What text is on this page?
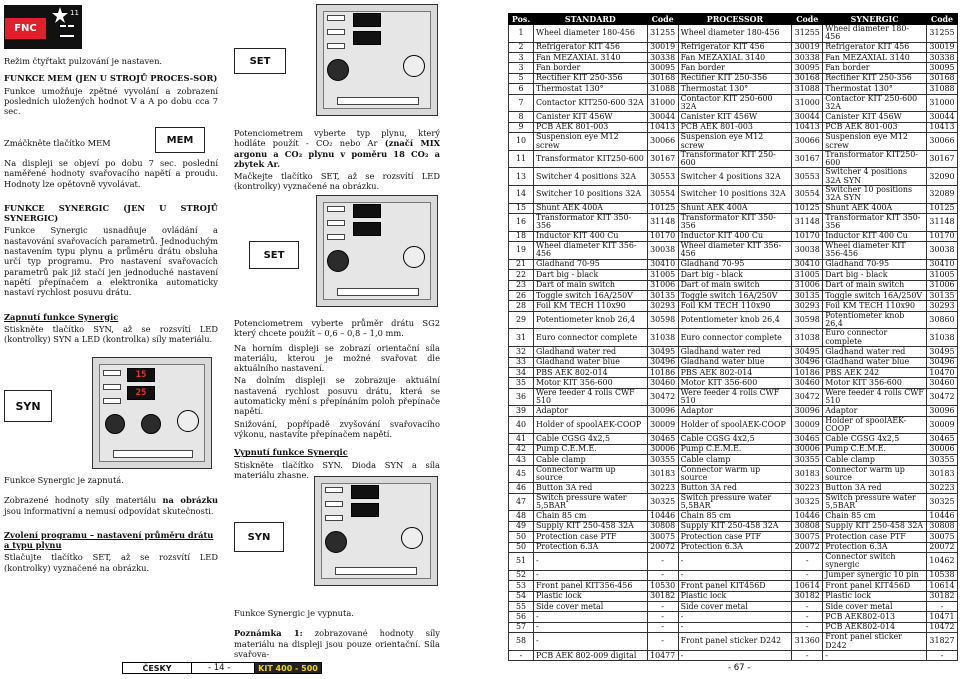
FNC
11

Režim čtyřtakt pulzování je nastaven.

FUNKCE MEM (JEN U STROJŮ PROCES-SOR)

Funkce umožňuje zpětné vyvolání a zobrazení posledních uložených hodnot V a A po dobu cca 7 sec.

Zmáčkněte tlačítko MEM	MEM

Na displeji se objeví po dobu 7 sec. poslední naměřené hodnoty svařovacího napětí a proudu. Hodnoty lze opětovně vyvolávat.

FUNKCE SYNERGIC (JEN U STROJŮ SYNERGIC)

Funkce Synergic usnadňuje ovládání a nastavování svařovacích parametrů. Jednoduchým nastavením typu plynu a průměru drátu obsluha určí typ programu. Pro nastavení svařovacích parametrů pak již stačí jen jednoduché nastavení napětí přepínačem a elektronika automaticky nastaví rychlost posuvu drátu.

Zapnutí funkce Synergic

Stiskněte tlačítko SYN, až se rozsvítí LED (kontrolky) SYN a LED (kontrolka) síly materiálu.

SYN
15
25

Funkce Synergic je zapnutá.

Zobrazené hodnoty síly materiálu na obrázku jsou informativní a nemusí odpovídat skutečnosti.

Zvolení programu – nastavení průměru drátu a typu plynu

Stlačujte tlačítko SET, až se rozsvítí LED (kontrolky) vyznačené na obrázku.

SET

Potenciometrem vyberte typ plynu, který hodláte použít - CO₂ nebo Ar (značí MIX argonu a CO₂ plynu v poměru 18 CO₂ a zbytek Ar.

Mačkejte tlačítko SET, až se rozsvítí LED (kontrolky) vyznačené na obrázku.

SET

Potenciometrem vyberte průměr drátu SG2 který chcete použít – 0,6 – 0,8 – 1,0 mm.

Na horním displeji se zobrazí orientační síla materiálu, kterou je možné svařovat dle aktuálního nastavení.

Na dolním displeji se zobrazuje aktuální nastavená rychlost posuvu drátu, která se automaticky mění s přepínáním poloh přepínače napětí.

Snižování, popřípadě zvyšování svařovacího výkonu, nastavíte přepínačem napětí.

Vypnutí funkce Synergic

Stiskněte tlačítko SYN. Dioda SYN a síla materiálu zhasne.

SYN

Funkce Synergic je vypnuta.

Poznámka 1: zobrazované hodnoty síly materiálu na displeji jsou pouze orientační. Síla svařova-

ČESKY	- 14 -	KIT 400 - 500
Pos.	STANDARD	Code	PROCESSOR	Code	SYNERGIC	Code
1	Wheel diameter 180-456	31255	Wheel diameter 180-456	31255	Wheel diameter 180-456	31255
2	Refrigerator KIT 456	30019	Refrigerator KIT 456	30019	Refrigerator KIT 456	30019
3	Fan MEZAXIAL 3140	30338	Fan MEZAXIAL 3140	30338	Fan MEZAXIAL 3140	30338
3	Fan border	30095	Fan border	30095	Fan border	30095
5	Rectifier KIT 250-356	30168	Rectifier KIT 250-356	30168	Rectifier KIT 250-356	30168
6	Thermostat 130°	31088	Thermostat 130°	31088	Thermostat 130°	31088
7	Contactor KIT250-600 32A	31000	Contactor KIT 250-600 32A	31000	Contactor KIT 250-600 32A	31000
8	Canister KIT 456W	30044	Canister KIT 456W	30044	Canister KIT 456W	30044
9	PCB AEK 801-003	10413	PCB AEK 801-003	10413	PCB AEK 801-003	10413
10	Suspension eye M12 screw	30066	Suspension eye M12 screw	30066	Suspension eye M12 screw	30066
11	Transformator KIT250-600	30167	Transformator KIT 250-600	30167	Transformator KIT250-600	30167
13	Switcher 4 positions 32A	30553	Switcher 4 positions 32A	30553	Switcher 4 positions 32A SYN	32090
14	Switcher 10 positions 32A	30554	Switcher 10 positions 32A	30554	Switcher 10 positions 32A SYN	32089
15	Shunt AEK 400A	10125	Shunt AEK 400A	10125	Shunt AEK 400A	10125
16	Transformator KIT 350-356	31148	Transformator KIT 350-356	31148	Transformator KIT 350-356	31148
18	Inductor KIT 400 Cu	10170	Inductor KIT 400 Cu	10170	Inductor KIT 400 Cu	10170
19	Wheel diameter KIT 356-456	30038	Wheel diameter KIT 356-456	30038	Wheel diameter KIT 356-456	30038
21	Gladhand 70-95	30410	Gladhand 70-95	30410	Gladhand 70-95	30410
22	Dart big - black	31005	Dart big - black	31005	Dart big - black	31005
23	Dart of main switch	31006	Dart of main switch	31006	Dart of main switch	31006
26	Toggle switch 16A/250V	30135	Toggle switch 16A/250V	30135	Toggle switch 16A/250V	30135
28	Foil KM TECH 110x90	30293	Foil KM TECH 110x90	30293	Foil KM TECH 110x90	30293
29	Potentiometer knob 26,4	30598	Potentiometer knob 26,4	30598	Potentiometer knob 26,4	30860
31	Euro connector complete	31038	Euro connector complete	31038	Euro connector complete	31038
32	Gladhand water red	30495	Gladhand water red	30495	Gladhand water red	30495
33	Gladhand water blue	30496	Gladhand water blue	30496	Gladhand water blue	30496
34	PBS AEK 802-014	10186	PBS AEK 802-014	10186	PBS AEK 242	10470
35	Motor KIT 356-600	30460	Motor KIT 356-600	30460	Motor KIT 356-600	30460
36	Were feeder 4 rolls CWF 510	30472	Were feeder 4 rolls CWF 510	30472	Were feeder 4 rolls CWF 510	30472
39	Adaptor	30096	Adaptor	30096	Adaptor	30096
40	Holder of spoolAEK-COOP	30009	Holder of spoolAEK-COOP	30009	Holder of spoolAEK-COOP	30009
41	Cable CGSG 4x2,5	30465	Cable CGSG 4x2,5	30465	Cable CGSG 4x2,5	30465
42	Pump C.E.M.E.	30006	Pump C.E.M.E.	30006	Pump C.E.M.E.	30006
43	Cable clamp	30355	Cable clamp	30355	Cable clamp	30355
45	Connector warm up source	30183	Connector warm up source	30183	Connector warm up source	30183
46	Button 3A red	30223	Button 3A red	30223	Button 3A red	30223
47	Switch pressure water 5,5BAR	30325	Switch pressure water 5,5BAR	30325	Switch pressure water 5,5BAR	30325
48	Chain 85 cm	10446	Chain 85 cm	10446	Chain 85 cm	10446
49	Supply KIT 250-458 32A	30808	Supply KIT 250-458 32A	30808	Supply KIT 250-458 32A	30808
50	Protection case PTF	30075	Protection case PTF	30075	Protection case PTF	30075
50	Protection 6.3A	20072	Protection 6.3A	20072	Protection 6.3A	20072
51	-	-	-	-	Connector switch synergic	10462
52	-	-	-	-	Jumper synergic 10 pin	10538
53	Front panel KIT356-456	10530	Front panel KIT456D	10614	Front panel KIT456D	10614
54	Plastic lock	30182	Plastic lock	30182	Plastic lock	30182
55	Side cover metal	-	Side cover metal	-	Side cover metal	-
56	-	-	-	-	PCB AEK802-013	10471
57	-	-	-	-	PCB AEK802-014	10472
58	-	-	Front panel sticker D242	31360	Front panel sticker D242	31827
-	PCB AEK 802-009 digital	10477	-	-	-	-
- 67 -
